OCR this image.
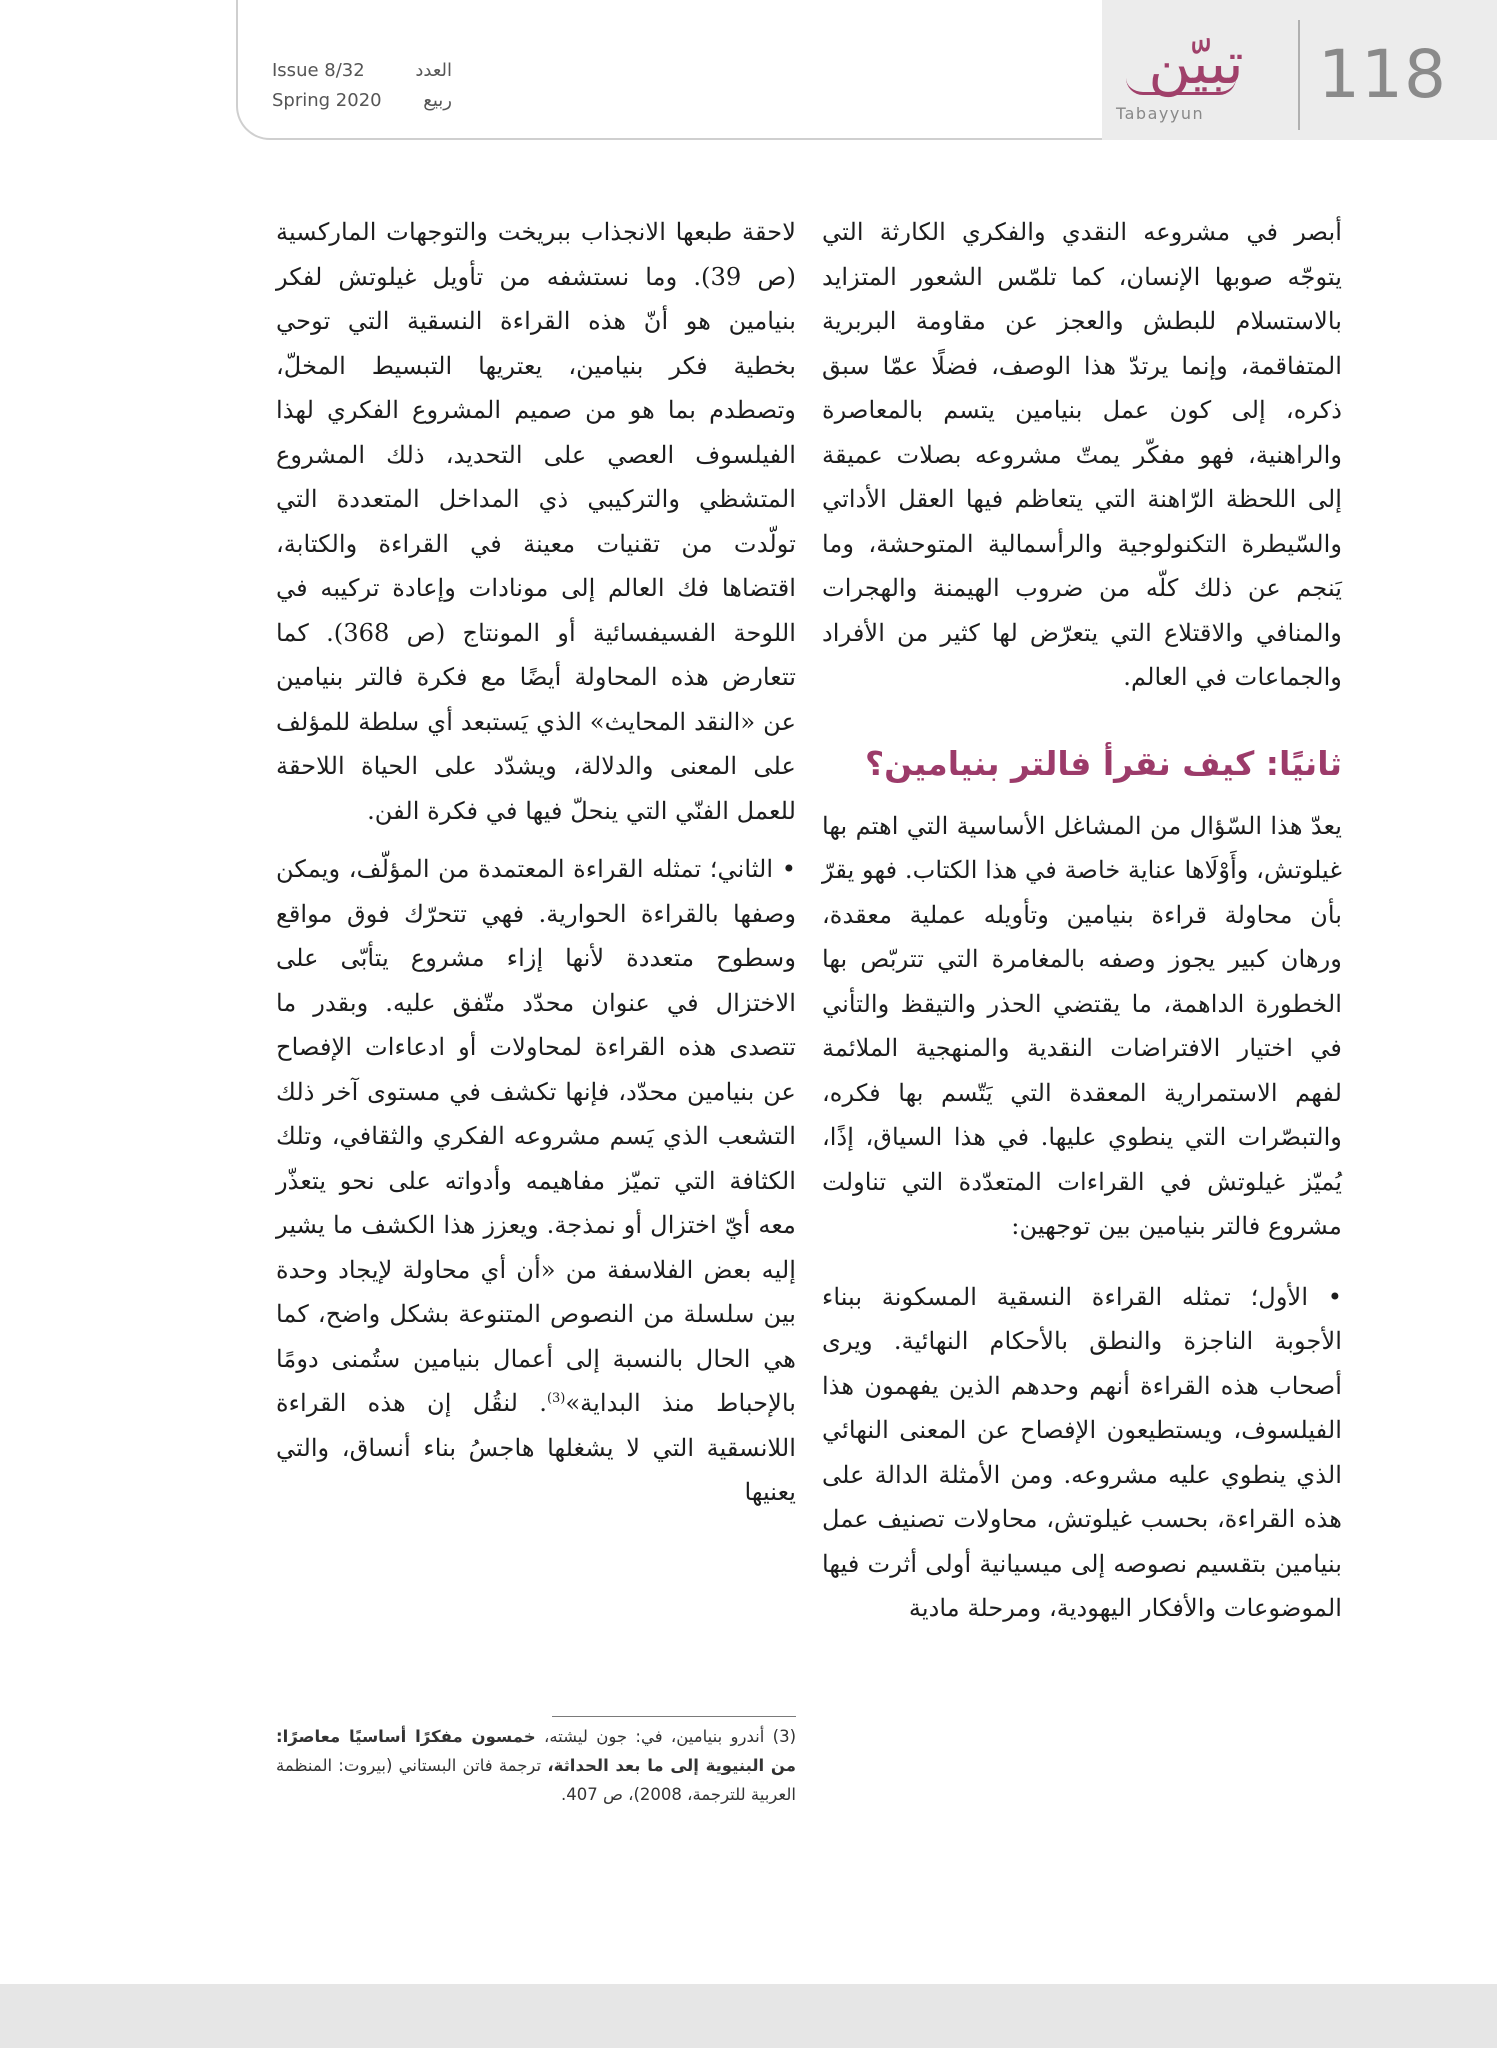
118
تبيّن
Tabayyun
Issue 8/32	العدد
Spring 2020 ربيع

أبصر في مشروعه النقدي والفكري الكارثة التي يتوجّه صوبها الإنسان، كما تلمّس الشعور المتزايد بالاستسلام للبطش والعجز عن مقاومة البربرية المتفاقمة، وإنما يرتدّ هذا الوصف، فضلًا عمّا سبق ذكره، إلى كون عمل بنيامين يتسم بالمعاصرة والراهنية، فهو مفكّر يمتّ مشروعه بصلات عميقة إلى اللحظة الرّاهنة التي يتعاظم فيها العقل الأداتي والسّيطرة التكنولوجية والرأسمالية المتوحشة، وما يَنجم عن ذلك كلّه من ضروب الهيمنة والهجرات والمنافي والاقتلاع التي يتعرّض لها كثير من الأفراد والجماعات في العالم.

ثانيًا: كيف نقرأ فالتر بنيامين؟

يعدّ هذا السّؤال من المشاغل الأساسية التي اهتم بها غيلوتش، وأَوْلَاها عناية خاصة في هذا الكتاب. فهو يقرّ بأن محاولة قراءة بنيامين وتأويله عملية معقدة، ورهان كبير يجوز وصفه بالمغامرة التي تتربّص بها الخطورة الداهمة، ما يقتضي الحذر والتيقظ والتأني في اختيار الافتراضات النقدية والمنهجية الملائمة لفهم الاستمرارية المعقدة التي يَتّسم بها فكره، والتبصّرات التي ينطوي عليها. في هذا السياق، إذًا، يُميّز غيلوتش في القراءات المتعدّدة التي تناولت مشروع فالتر بنيامين بين توجهين:

• الأول؛ تمثله القراءة النسقية المسكونة ببناء الأجوبة الناجزة والنطق بالأحكام النهائية. ويرى أصحاب هذه القراءة أنهم وحدهم الذين يفهمون هذا الفيلسوف، ويستطيعون الإفصاح عن المعنى النهائي الذي ينطوي عليه مشروعه. ومن الأمثلة الدالة على هذه القراءة، بحسب غيلوتش، محاولات تصنيف عمل بنيامين بتقسيم نصوصه إلى ميسيانية أولى أثرت فيها الموضوعات والأفكار اليهودية، ومرحلة مادية

لاحقة طبعها الانجذاب ببريخت والتوجهات الماركسية (ص 39). وما نستشفه من تأويل غيلوتش لفكر بنيامين هو أنّ هذه القراءة النسقية التي توحي بخطية فكر بنيامين، يعتريها التبسيط المخلّ، وتصطدم بما هو من صميم المشروع الفكري لهذا الفيلسوف العصي على التحديد، ذلك المشروع المتشظي والتركيبي ذي المداخل المتعددة التي تولّدت من تقنيات معينة في القراءة والكتابة، اقتضاها فك العالم إلى مونادات وإعادة تركيبه في اللوحة الفسيفسائية أو المونتاج (ص 368). كما تتعارض هذه المحاولة أيضًا مع فكرة فالتر بنيامين عن «النقد المحايث» الذي يَستبعد أي سلطة للمؤلف على المعنى والدلالة، ويشدّد على الحياة اللاحقة للعمل الفنّي التي ينحلّ فيها في فكرة الفن.

• الثاني؛ تمثله القراءة المعتمدة من المؤلّف، ويمكن وصفها بالقراءة الحوارية. فهي تتحرّك فوق مواقع وسطوح متعددة لأنها إزاء مشروع يتأبّى على الاختزال في عنوان محدّد متّفق عليه. وبقدر ما تتصدى هذه القراءة لمحاولات أو ادعاءات الإفصاح عن بنيامين محدّد، فإنها تكشف في مستوى آخر ذلك التشعب الذي يَسم مشروعه الفكري والثقافي، وتلك الكثافة التي تميّز مفاهيمه وأدواته على نحو يتعذّر معه أيّ اختزال أو نمذجة. ويعزز هذا الكشف ما يشير إليه بعض الفلاسفة من «أن أي محاولة لإيجاد وحدة بين سلسلة من النصوص المتنوعة بشكل واضح، كما هي الحال بالنسبة إلى أعمال بنيامين ستُمنى دومًا بالإحباط منذ البداية»$^{(3)}$. لنقُل إن هذه القراءة اللانسقية التي لا يشغلها هاجسُ بناء أنساق، والتي يعنيها

(3) أندرو بنيامين، في: جون ليشته، خمسون مفكرًا أساسيًا معاصرًا: من البنيوية إلى ما بعد الحداثة، ترجمة فاتن البستاني (بيروت: المنظمة العربية للترجمة، 2008)، ص 407.
